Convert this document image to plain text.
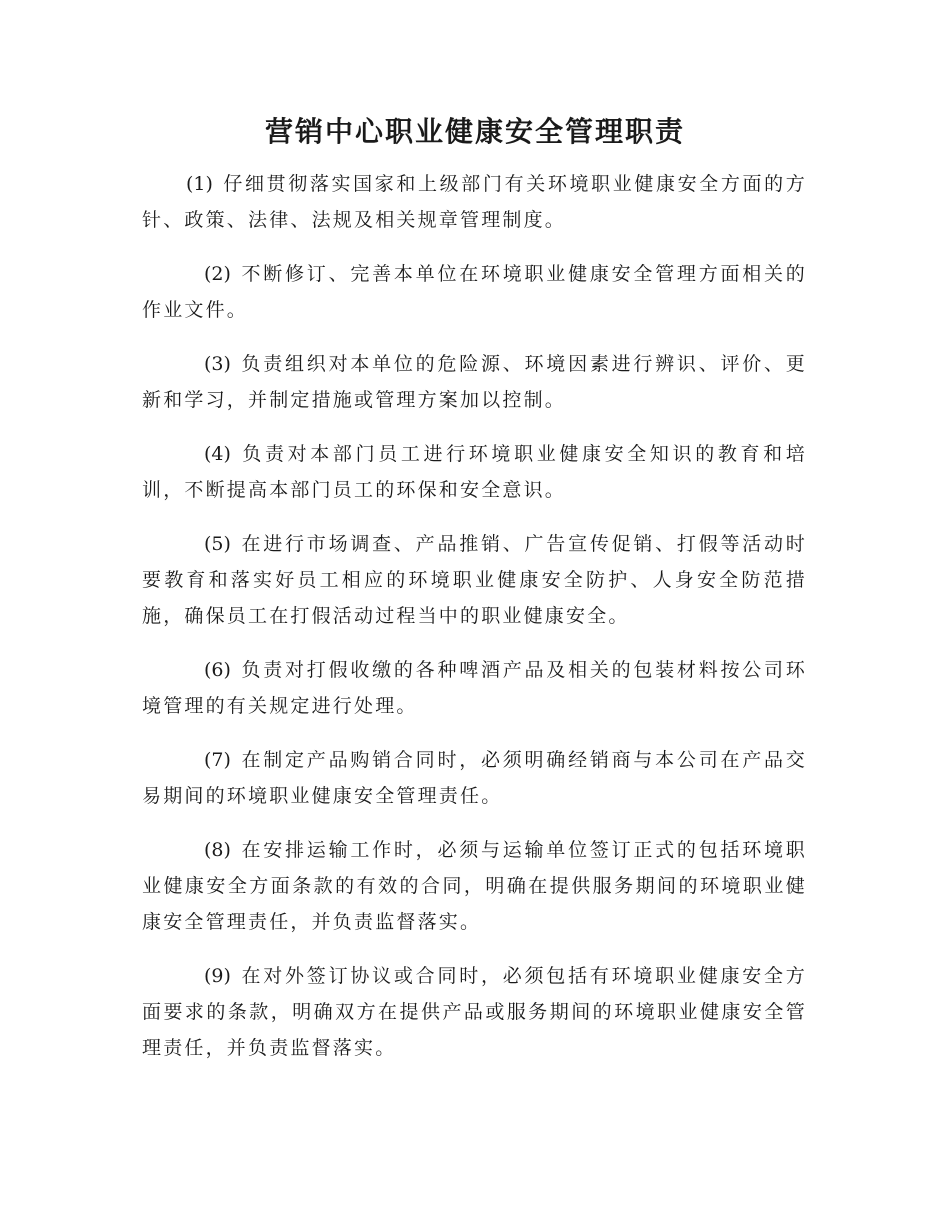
营销中心职业健康安全管理职责

(1) 仔细贯彻落实国家和上级部门有关环境职业健康安全方面的方针、政策、法律、法规及相关规章管理制度。

(2) 不断修订、完善本单位在环境职业健康安全管理方面相关的作业文件。

(3) 负责组织对本单位的危险源、环境因素进行辨识、评价、更新和学习，并制定措施或管理方案加以控制。

(4) 负责对本部门员工进行环境职业健康安全知识的教育和培训，不断提高本部门员工的环保和安全意识。

(5) 在进行市场调查、产品推销、广告宣传促销、打假等活动时要教育和落实好员工相应的环境职业健康安全防护、人身安全防范措施，确保员工在打假活动过程当中的职业健康安全。

(6) 负责对打假收缴的各种啤酒产品及相关的包装材料按公司环境管理的有关规定进行处理。

(7) 在制定产品购销合同时，必须明确经销商与本公司在产品交易期间的环境职业健康安全管理责任。

(8) 在安排运输工作时，必须与运输单位签订正式的包括环境职业健康安全方面条款的有效的合同，明确在提供服务期间的环境职业健康安全管理责任，并负责监督落实。

(9) 在对外签订协议或合同时，必须包括有环境职业健康安全方面要求的条款，明确双方在提供产品或服务期间的环境职业健康安全管理责任，并负责监督落实。
